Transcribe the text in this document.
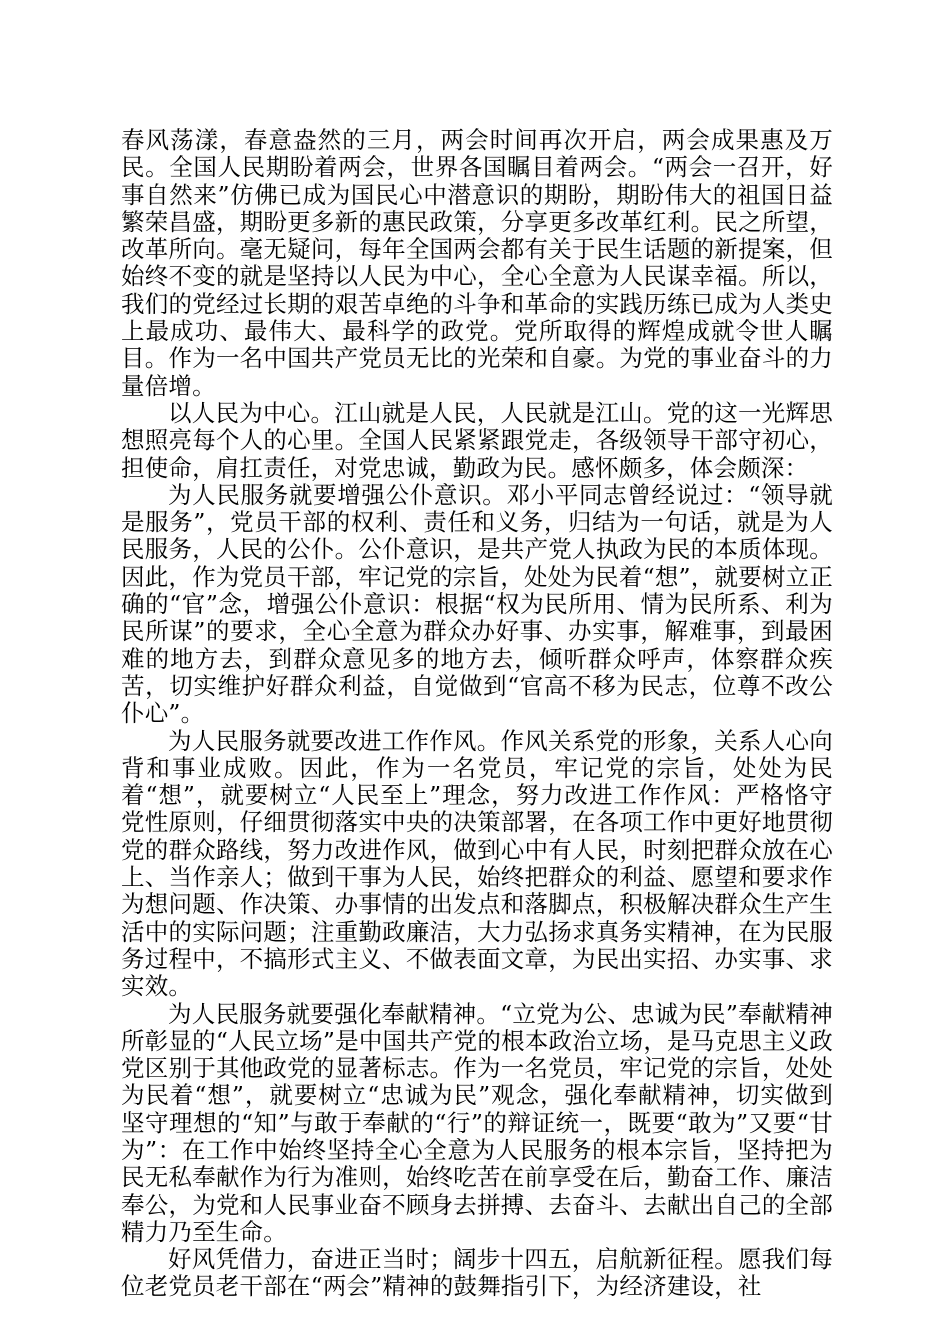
春风荡漾，春意盎然的三月，两会时间再次开启，两会成果惠及万民。全国人民期盼着两会，世界各国瞩目着两会。“两会一召开，好事自然来”仿佛已成为国民心中潜意识的期盼，期盼伟大的祖国日益繁荣昌盛，期盼更多新的惠民政策，分享更多改革红利。民之所望，改革所向。毫无疑问，每年全国两会都有关于民生话题的新提案，但始终不变的就是坚持以人民为中心，全心全意为人民谋幸福。所以，我们的党经过长期的艰苦卓绝的斗争和革命的实践历练已成为人类史上最成功、最伟大、最科学的政党。党所取得的辉煌成就令世人瞩目。作为一名中国共产党员无比的光荣和自豪。为党的事业奋斗的力量倍增。

以人民为中心。江山就是人民，人民就是江山。党的这一光辉思想照亮每个人的心里。全国人民紧紧跟党走，各级领导干部守初心，担使命，肩扛责任，对党忠诚，勤政为民。感怀颇多，体会颇深：

为人民服务就要增强公仆意识。邓小平同志曾经说过：“领导就是服务”，党员干部的权利、责任和义务，归结为一句话，就是为人民服务，人民的公仆。公仆意识，是共产党人执政为民的本质体现。因此，作为党员干部，牢记党的宗旨，处处为民着“想”，就要树立正确的“官”念，增强公仆意识：根据“权为民所用、情为民所系、利为民所谋”的要求，全心全意为群众办好事、办实事，解难事，到最困难的地方去，到群众意见多的地方去，倾听群众呼声，体察群众疾苦，切实维护好群众利益，自觉做到“官高不移为民志，位尊不改公仆心”。

为人民服务就要改进工作作风。作风关系党的形象，关系人心向背和事业成败。因此，作为一名党员，牢记党的宗旨，处处为民着“想”，就要树立“人民至上”理念，努力改进工作作风：严格恪守党性原则，仔细贯彻落实中央的决策部署，在各项工作中更好地贯彻党的群众路线，努力改进作风，做到心中有人民，时刻把群众放在心上、当作亲人；做到干事为人民，始终把群众的利益、愿望和要求作为想问题、作决策、办事情的出发点和落脚点，积极解决群众生产生活中的实际问题；注重勤政廉洁，大力弘扬求真务实精神，在为民服务过程中，不搞形式主义、不做表面文章，为民出实招、办实事、求实效。

为人民服务就要强化奉献精神。“立党为公、忠诚为民”奉献精神所彰显的“人民立场”是中国共产党的根本政治立场，是马克思主义政党区别于其他政党的显著标志。作为一名党员，牢记党的宗旨，处处为民着“想”，就要树立“忠诚为民”观念，强化奉献精神，切实做到坚守理想的“知”与敢于奉献的“行”的辩证统一，既要“敢为”又要“甘为”：在工作中始终坚持全心全意为人民服务的根本宗旨，坚持把为民无私奉献作为行为准则，始终吃苦在前享受在后，勤奋工作、廉洁奉公，为党和人民事业奋不顾身去拼搏、去奋斗、去献出自己的全部精力乃至生命。

好风凭借力，奋进正当时；阔步十四五，启航新征程。愿我们每位老党员老干部在“两会”精神的鼓舞指引下，为经济建设，社
